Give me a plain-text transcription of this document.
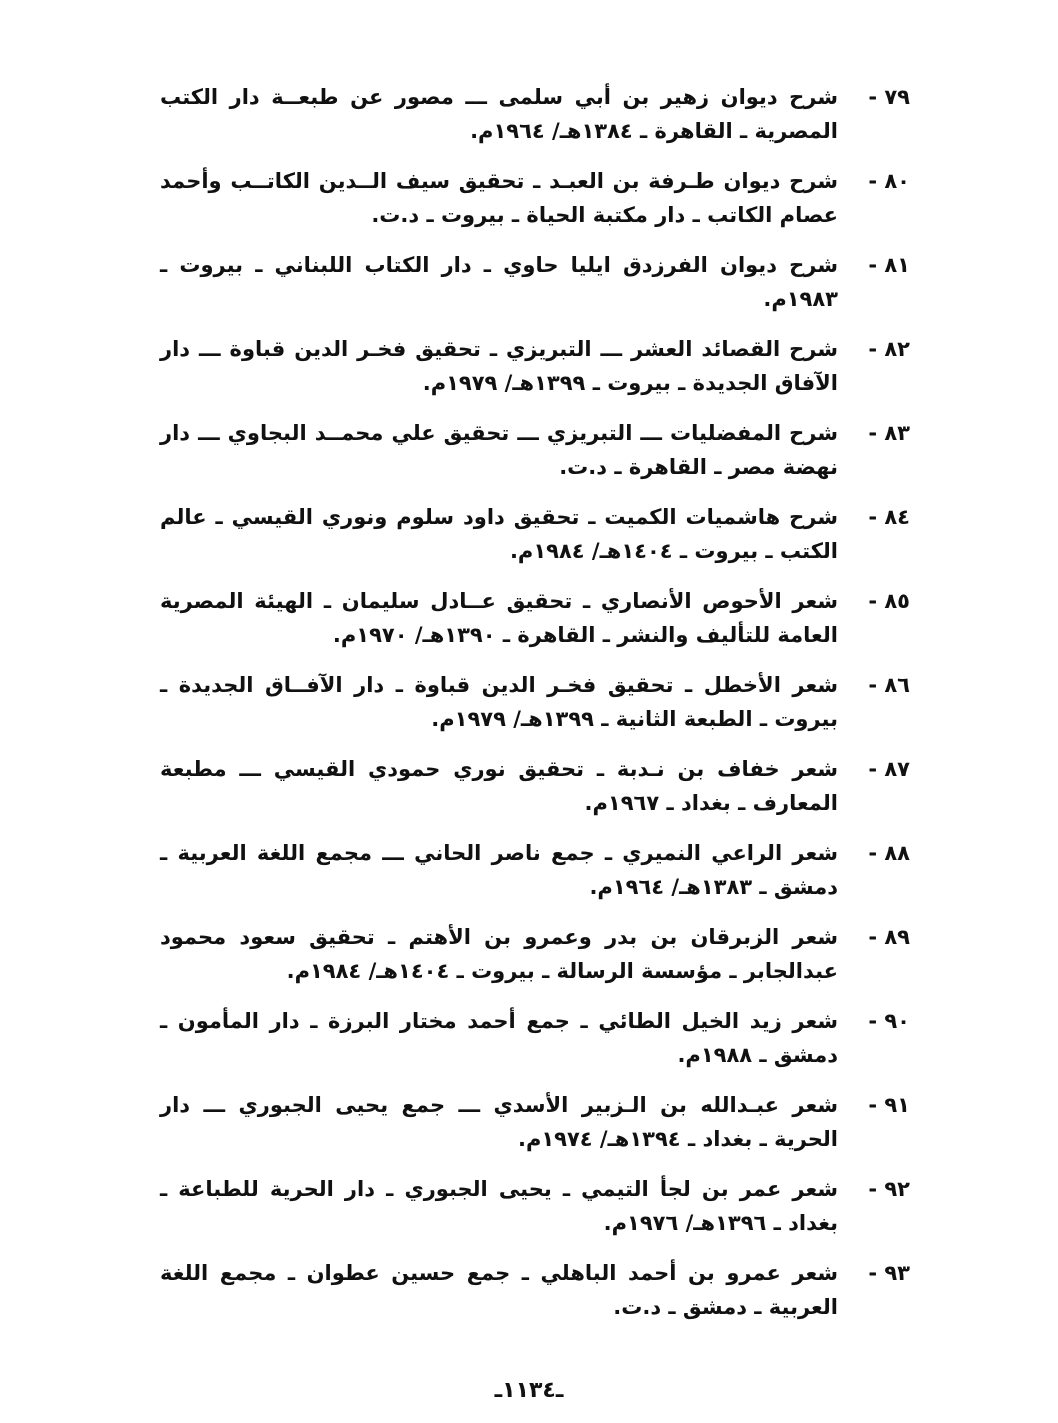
٧٩ -
شرح ديوان زهير بن أبي سلمى ـــ مصور عن طبعــة دار الكتب المصرية ـ القاهرة ـ ١٣٨٤هـ/ ١٩٦٤م.
٨٠ -
شرح ديوان طـرفة بن العبـد ـ تحقيق سيف الــدين الكاتــب وأحمد عصام الكاتب ـ دار مكتبة الحياة ـ بيروت ـ د.ت.
٨١ -
شرح ديوان الفرزدق ايليا حاوي ـ دار الكتاب اللبناني ـ بيروت ـ ١٩٨٣م.
٨٢ -
شرح القصائد العشر ـــ التبريزي ـ تحقيق فخـر الدين قباوة ـــ دار الآفاق الجديدة ـ بيروت ـ ١٣٩٩هـ/ ١٩٧٩م.
٨٣ -
شرح المفضليات ـــ التبريزي ـــ تحقيق علي محمــد البجاوي ـــ دار نهضة مصر ـ القاهرة ـ د.ت.
٨٤ -
شرح هاشميات الكميت ـ تحقيق داود سلوم ونوري القيسي ـ عالم الكتب ـ بيروت ـ ١٤٠٤هـ/ ١٩٨٤م.
٨٥ -
شعر الأحوص الأنصاري ـ تحقيق عــادل سليمان ـ الهيئة المصرية العامة للتأليف والنشر ـ القاهرة ـ ١٣٩٠هـ/ ١٩٧٠م.
٨٦ -
شعر الأخطل ـ تحقيق فخـر الدين قباوة ـ دار الآفــاق الجديدة ـ بيروت ـ الطبعة الثانية ـ ١٣٩٩هـ/ ١٩٧٩م.
٨٧ -
شعر خفاف بن نـدبة ـ تحقيق نوري حمودي القيسي ـــ مطبعة المعارف ـ بغداد ـ ١٩٦٧م.
٨٨ -
شعر الراعي النميري ـ جمع ناصر الحاني ـــ مجمع اللغة العربية ـ دمشق ـ ١٣٨٣هـ/ ١٩٦٤م.
٨٩ -
شعر الزبرقان بن بدر وعمرو بن الأهتم ـ تحقيق سعود محمود عبدالجابر ـ مؤسسة الرسالة ـ بيروت ـ ١٤٠٤هـ/ ١٩٨٤م.
٩٠ -
شعر زيد الخيل الطائي ـ جمع أحمد مختار البرزة ـ دار المأمون ـ دمشق ـ ١٩٨٨م.
٩١ -
شعر عبـدالله بن الـزبير الأسدي ـــ جمع يحيى الجبوري ـــ دار الحرية ـ بغداد ـ ١٣٩٤هـ/ ١٩٧٤م.
٩٢ -
شعر عمر بن لجأ التيمي ـ يحيى الجبوري ـ دار الحرية للطباعة ـ بغداد ـ ١٣٩٦هـ/ ١٩٧٦م.
٩٣ -
شعر عمرو بن أحمد الباهلي ـ جمع حسين عطوان ـ مجمع اللغة العربية ـ دمشق ـ د.ت.
ـ١١٣٤ـ
